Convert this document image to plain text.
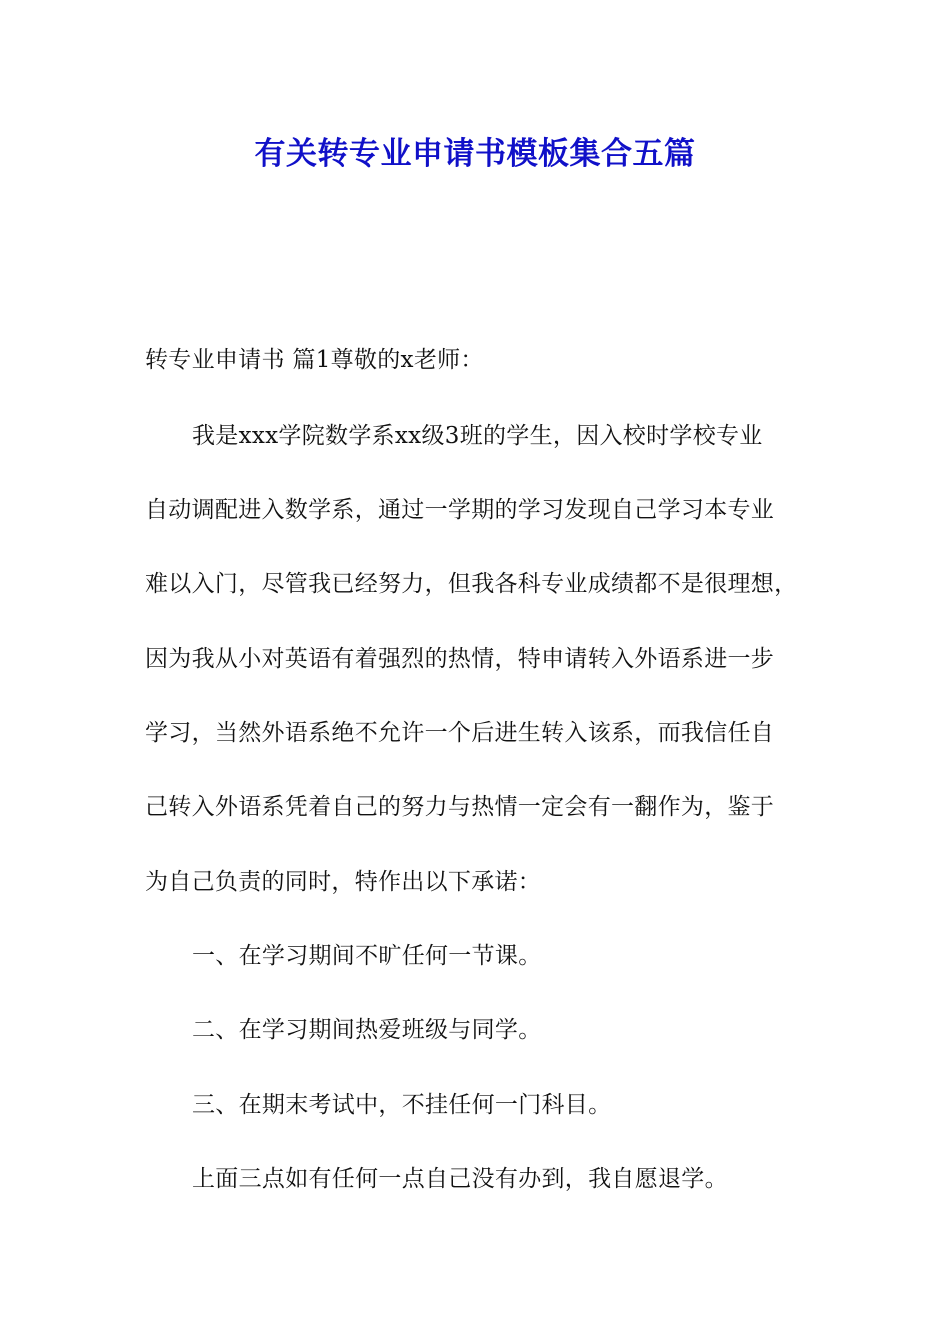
有关转专业申请书模板集合五篇
转专业申请书 篇1尊敬的x老师：
我是xxx学院数学系xx级3班的学生，因入校时学校专业
自动调配进入数学系，通过一学期的学习发现自己学习本专业
难以入门，尽管我已经努力，但我各科专业成绩都不是很理想，
因为我从小对英语有着强烈的热情，特申请转入外语系进一步
学习，当然外语系绝不允许一个后进生转入该系，而我信任自
己转入外语系凭着自己的努力与热情一定会有一翻作为，鉴于
为自己负责的同时，特作出以下承诺：
一、在学习期间不旷任何一节课。
二、在学习期间热爱班级与同学。
三、在期末考试中，不挂任何一门科目。
上面三点如有任何一点自己没有办到，我自愿退学。
